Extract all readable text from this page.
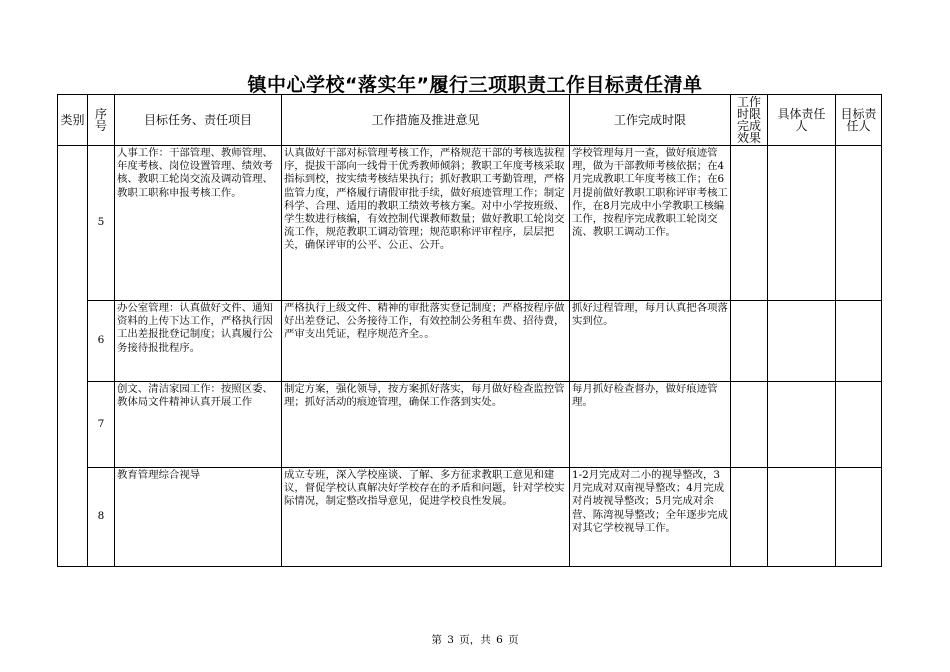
镇中心学校“落实年”履行三项职责工作目标责任清单
类别	序号	目标任务、责任项目	工作措施及推进意见	工作完成时限	工作时限完成效果	具体责任人	目标责任人
	5	人事工作：干部管理、教师管理、年度考核、岗位设置管理、绩效考核、教职工轮岗交流及调动管理、教职工职称申报考核工作。	认真做好干部对标管理考核工作，严格规范干部的考核选拔程序，提拔干部向一线骨干优秀教师倾斜；教职工年度考核采取指标到校，按实绩考核结果执行；抓好教职工考勤管理，严格监管力度，严格履行请假审批手续，做好痕迹管理工作；制定科学、合理、适用的教职工绩效考核方案。对中小学按班级、学生数进行核编，有效控制代课教师数量；做好教职工轮岗交流工作，规范教职工调动管理；规范职称评审程序，层层把关，确保评审的公平、公正、公开。	学校管理每月一查，做好痕迹管理，做为干部教师考核依据；在4月完成教职工年度考核工作；在6月提前做好教职工职称评审考核工作，在8月完成中小学教职工核编工作，按程序完成教职工轮岗交流、教职工调动工作。			
	6	办公室管理：认真做好文件、通知资料的上传下达工作，严格执行因工出差报批登记制度；认真履行公务接待报批程序。	严格执行上级文件、精神的审批落实登记制度；严格按程序做好出差登记、公务接待工作，有效控制公务租车费、招待费，严审支出凭证，程序规范齐全。。	抓好过程管理，每月认真把各项落实到位。			
	7	创文、清洁家园工作：按照区委、教体局文件精神认真开展工作	制定方案，强化领导，按方案抓好落实，每月做好检查监控管理；抓好活动的痕迹管理，确保工作落到实处。	每月抓好检查督办，做好痕迹管理。			
	8	教育管理综合视导	成立专班，深入学校座谈、了解、多方征求教职工意见和建议，督促学校认真解决好学校存在的矛盾和问题，针对学校实际情况，制定整改指导意见，促进学校良性发展。	1-2月完成对二小的视导整改，3月完成对双南视导整改；4月完成对肖坡视导整改；5月完成对余营、陈湾视导整改；全年逐步完成对其它学校视导工作。			
第 3 页，共 6 页
